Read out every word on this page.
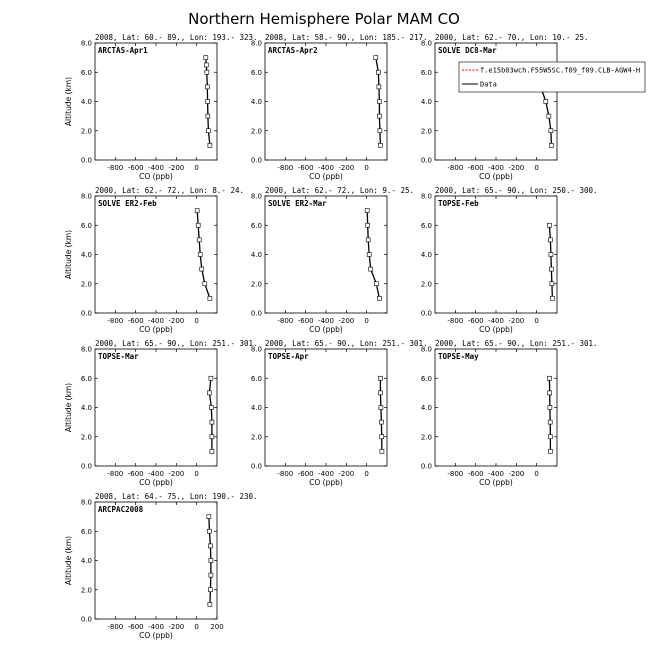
Northern Hemisphere Polar MAM CO
2008, Lat: 60.- 89., Lon: 193.- 323.
ARCTAS-Apr1
-800 -600 -400 -200 0
0.0
2.0
4.0
6.0
8.0
CO (ppb)
Altitude (km)
2008, Lat: 58.- 90., Lon: 185.- 217.
ARCTAS-Apr2
-800 -600 -400 -200 0
0.0
2.0
4.0
6.0
8.0
CO (ppb)
2000, Lat: 62.- 70., Lon: 10.- 25.
SOLVE DC8-Mar
-800 -600 -400 -200 0
0.0
2.0
4.0
6.0
8.0
CO (ppb)
2000, Lat: 62.- 72., Lon: 8.- 24.
SOLVE ER2-Feb
-800 -600 -400 -200 0
0.0
2.0
4.0
6.0
8.0
CO (ppb)
Altitude (km)
2000, Lat: 62.- 72., Lon: 9.- 25.
SOLVE ER2-Mar
-800 -600 -400 -200 0
0.0
2.0
4.0
6.0
8.0
CO (ppb)
2000, Lat: 65.- 90., Lon: 250.- 300.
TOPSE-Feb
-800 -600 -400 -200 0
0.0
2.0
4.0
6.0
8.0
CO (ppb)
2000, Lat: 65.- 90., Lon: 251.- 301.
TOPSE-Mar
-800 -600 -400 -200 0
0.0
2.0
4.0
6.0
8.0
CO (ppb)
Altitude (km)
2000, Lat: 65.- 90., Lon: 251.- 301.
TOPSE-Apr
-800 -600 -400 -200 0
0.0
2.0
4.0
6.0
8.0
CO (ppb)
2000, Lat: 65.- 90., Lon: 251.- 301.
TOPSE-May
-800 -600 -400 -200 0
0.0
2.0
4.0
6.0
8.0
CO (ppb)
2008, Lat: 64.- 75., Lon: 190.- 230.
ARCPAC2008
-800 -600 -400 -200 0 200
0.0
2.0
4.0
6.0
8.0
CO (ppb)
Altitude (km)
f.e15b03wch.F55W5SC.f09_f09.CLB-AGW4-H
Data
